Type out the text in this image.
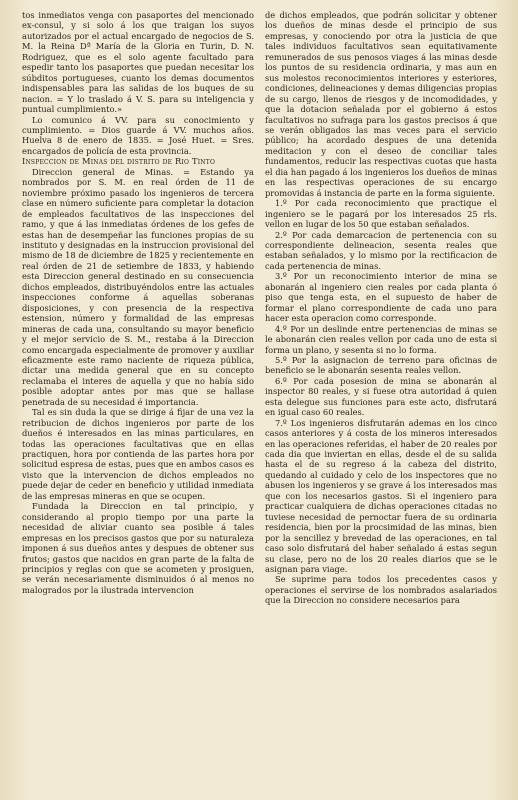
tos inmediatos venga con pasaportes del mencionado ex-consul, y si solo á los que traigan los suyos autorizados por el actual encargado de negocios de S. M. la Reina Dª María de la Gloria en Turin, D. N. Rodriguez, que es el solo agente facultado para espedir tanto los pasaportes que puedan necesitar los súbditos portugueses, cuanto los demas documentos indispensables para las salidas de los buques de su nacion. = Y lo traslado á V. S. para su inteligencia y puntual cumplimiento.»

Lo comunico á VV. para su conocimiento y cumplimiento. = Dios guarde á VV. muchos años. Huelva 8 de enero de 1835. = José Huet. = Sres. encargados de policía de esta provincia.

Inspeccion de Minas del distrito de Rio Tinto

Direccion general de Minas. = Estando ya nombrados por S. M. en real órden de 11 de noviembre próximo pasado los ingenieros de tercera clase en número suficiente para completar la dotacion de empleados facultativos de las inspecciones del ramo, y que á las inmediatas órdenes de los gefes de estas han de desempeñar las funciones propias de su instituto y designadas en la instruccion provisional del mismo de 18 de diciembre de 1825 y recientemente en real órden de 21 de setiembre de 1833, y habiendo esta Direccion general destinado en su consecuencia dichos empleados, distribuyéndolos entre las actuales inspecciones conforme á aquellas soberanas disposiciones, y con presencia de la respectiva estension, número y formalidad de las empresas mineras de cada una, consultando su mayor beneficio y el mejor servicio de S. M., restaba á la Direccion como encargada especialmente de promover y auxiliar eficazmente este ramo naciente de riqueza pública, dictar una medida general que en su concepto reclamaba el interes de aquella y que no había sido posible adoptar antes por mas que se hallase penetrada de su necesidad é importancia.

Tal es sin duda la que se dirige á fijar de una vez la retribucion de dichos ingenieros por parte de los dueños é interesados en las minas particulares, en todas las operaciones facultativas que en ellas practiquen, hora por contienda de las partes hora por solicitud espresa de estas, pues que en ambos casos es visto que la intervencion de dichos empleados no puede dejar de ceder en beneficio y utilidad inmediata de las empresas mineras en que se ocupen.

Fundada la Direccion en tal principio, y considerando al propio tiempo por una parte la necesidad de aliviar cuanto sea posible á tales empresas en los precisos gastos que por su naturaleza imponen á sus dueños antes y despues de obtener sus frutos; gastos que nacidos en gran parte de la falta de principios y reglas con que se acometen y prosiguen, se verán necesariamente disminuidos ó al menos no malogrados por la ilustrada intervencion

de dichos empleados, que podrán solicitar y obtener los dueños de minas desde el principio de sus empresas, y conociendo por otra la justicia de que tales individuos facultativos sean equitativamente remunerados de sus penosos viages á las minas desde los puntos de su residencia ordinaria, y mas aun en sus molestos reconocimientos interiores y esteriores, condiciones, delineaciones y demas diligencias propias de su cargo, llenos de riesgos y de incomodidades, y que la dotacion señalada por el gobierno á estos facultativos no sufraga para los gastos precisos á que se verán obligados las mas veces para el servicio público; ha acordado despues de una detenida meditacion y con el deseo de conciliar tales fundamentos, reducir las respectivas cuotas que hasta el dia han pagado á los ingenieros los dueños de minas en las respectivas operaciones de su encargo promovidas á instancia de parte en la forma siguiente.

1.º Por cada reconocimiento que practique el ingeniero se le pagará por los interesados 25 rls. vellon en lugar de los 50 que estaban señalados.

2.º Por cada demarcacion de pertenencia con su correspondiente delineacion, sesenta reales que estaban señalados, y lo mismo por la rectificacion de cada pertenencia de minas.

3.º Por un reconocimiento interior de mina se abonarán al ingeniero cien reales por cada planta ó piso que tenga esta, en el supuesto de haber de formar el plano correspondiente de cada uno para hacer esta operacion como corresponde.

4.º Por un deslinde entre pertenencias de minas se le abonarán cien reales vellon por cada uno de esta si forma un plano, y sesenta si no lo forma.

5.º Por la asignacion de terreno para oficinas de beneficio se le abonarán sesenta reales vellon.

6.º Por cada posesion de mina se abonarán al inspector 80 reales, y si fuese otra autoridad á quien esta delegue sus funciones para este acto, disfrutará en igual caso 60 reales.

7.º Los ingenieros disfrutarán ademas en los cinco casos anteriores y á costa de los mineros interesados en las operaciones referidas, el haber de 20 reales por cada dia que inviertan en ellas, desde el de su salida hasta el de su regreso á la cabeza del distrito, quedando al cuidado y celo de los inspectores que no abusen los ingenieros y se grave á los interesados mas que con los necesarios gastos. Si el ingeniero para practicar cualquiera de dichas operaciones citadas no tuviese necesidad de pernoctar fuera de su ordinaria residencia, bien por la procsimidad de las minas, bien por la sencillez y brevedad de las operaciones, en tal caso solo disfrutará del haber señalado á estas segun su clase, pero no de los 20 reales diarios que se le asignan para viage.

Se suprime para todos los precedentes casos y operaciones el servirse de los nombrados asalariados que la Direccion no considere necesarios para
